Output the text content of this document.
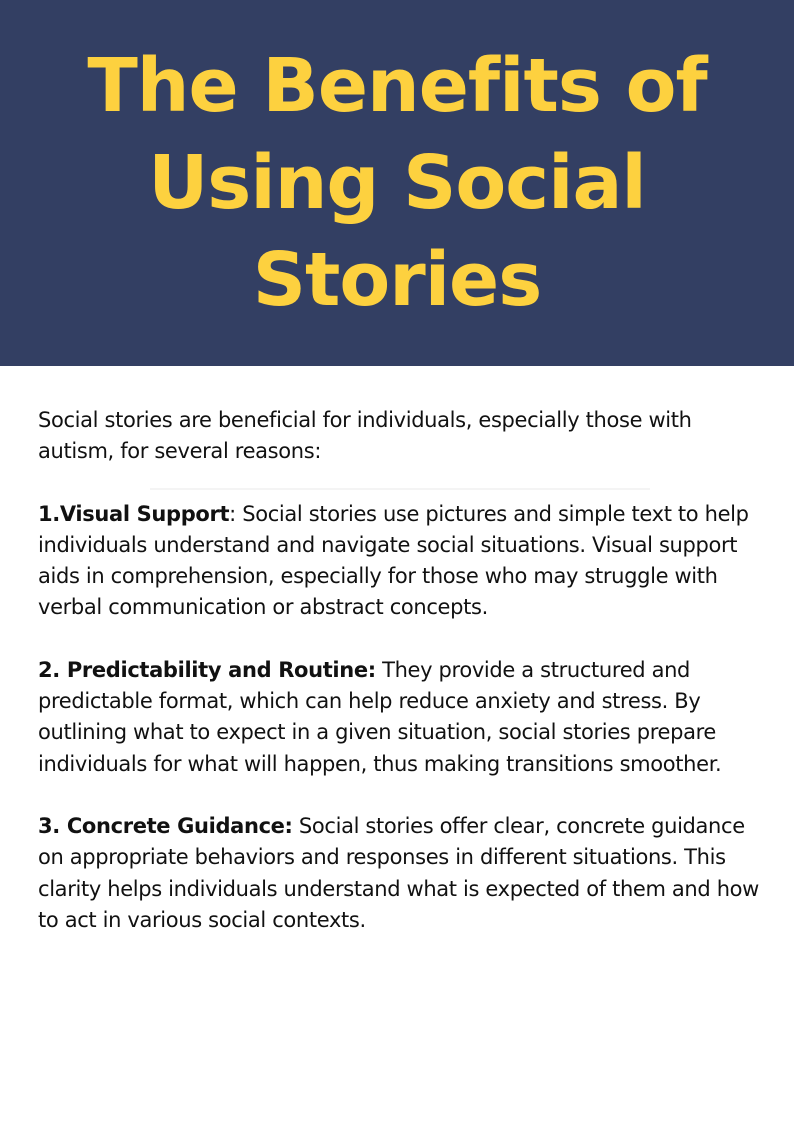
The Benefits of Using Social Stories

Social stories are beneficial for individuals, especially those with autism, for several reasons:

1.Visual Support: Social stories use pictures and simple text to help individuals understand and navigate social situations. Visual support aids in comprehension, especially for those who may struggle with verbal communication or abstract concepts.

2. Predictability and Routine: They provide a structured and predictable format, which can help reduce anxiety and stress. By outlining what to expect in a given situation, social stories prepare individuals for what will happen, thus making transitions smoother.

3. Concrete Guidance: Social stories offer clear, concrete guidance on appropriate behaviors and responses in different situations. This clarity helps individuals understand what is expected of them and how to act in various social contexts.
